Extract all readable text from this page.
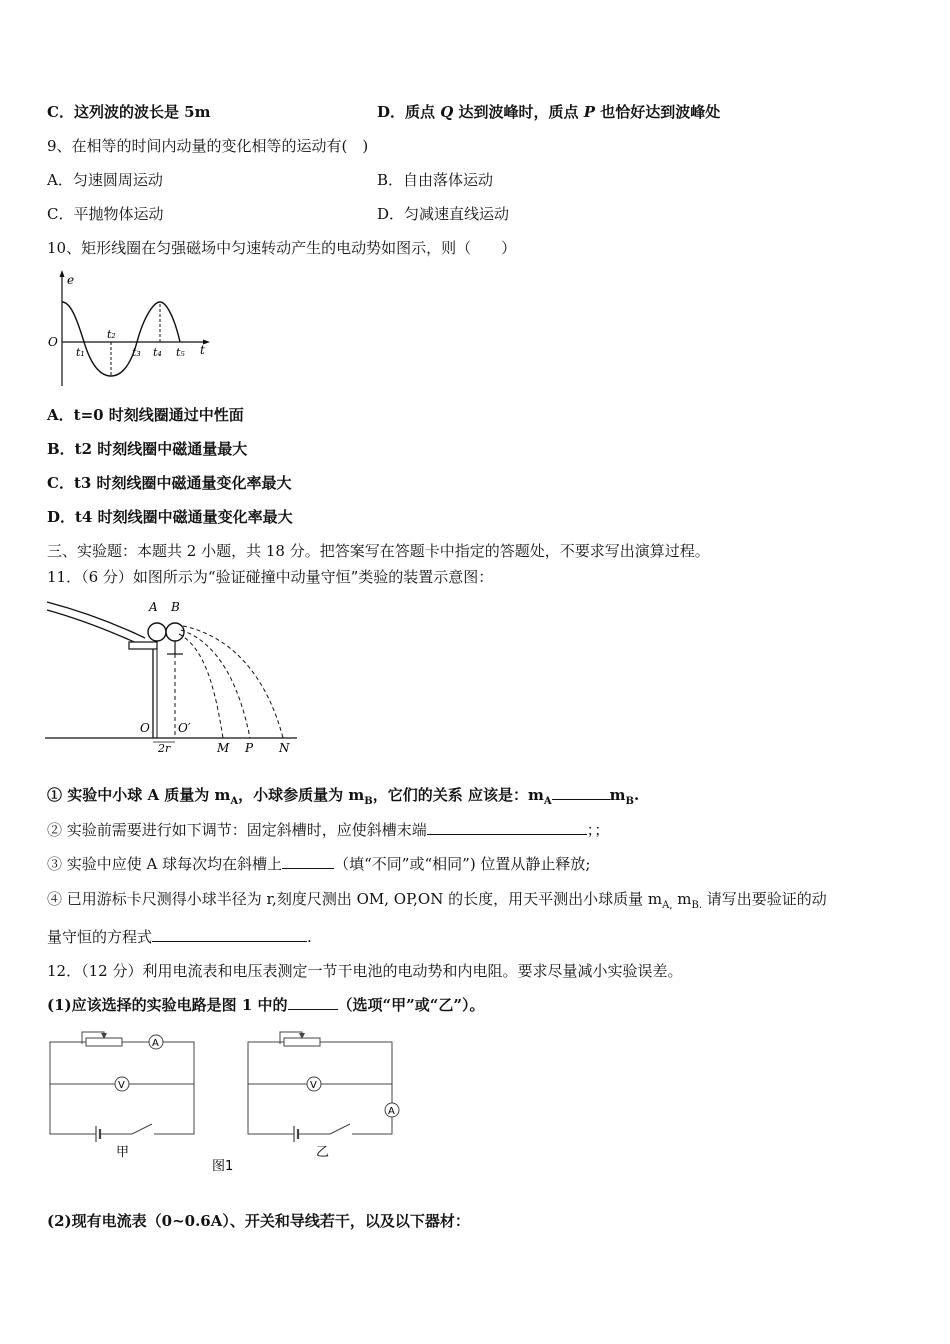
C．这列波的波长是 5m	D．质点 Q 达到波峰时，质点 P 也恰好达到波峰处
9、在相等的时间内动量的变化相等的运动有(　)
A．匀速圆周运动	B．自由落体运动
C．平抛物体运动	D．匀减速直线运动
10、矩形线圈在匀强磁场中匀速转动产生的电动势如图示，则（　　）
e
O
t
t₁
t₂
t₃ t₄ t₅
A．t=0 时刻线圈通过中性面
B．t2 时刻线圈中磁通量最大
C．t3 时刻线圈中磁通量变化率最大
D．t4 时刻线圈中磁通量变化率最大
三、实验题：本题共 2 小题，共 18 分。把答案写在答题卡中指定的答题处，不要求写出演算过程。
11．（6 分）如图所示为“验证碰撞中动量守恒”类验的装置示意图：
A B
O O′
2r	M P N
① 实验中小球 A 质量为 $m_A$，小球参质量为 $m_B$，它们的关系 应该是：$m_A$	$m_B$.
② 实验前需要进行如下调节：固定斜槽时，应使斜槽末端	；；
③ 实验中应使 A 球每次均在斜槽上	（填“不同”或“相同”) 位置从静止释放;
④ 已用游标卡尺测得小球半径为 r,刻度尺测出 OM, OP,ON 的长度，用天平测出小球质量 $m_{A,}$ $m_{B.}$ 请写出要验证的动
量守恒的方程式	.
12．（12 分）利用电流表和电压表测定一节干电池的电动势和内电阻。要求尽量减小实验误差。
(1)应该选择的实验电路是图 1 中的	（选项“甲”或“乙”）。
A
V
甲
V
A
乙
图1
(2)现有电流表（0~0.6A）、开关和导线若干，以及以下器材：
